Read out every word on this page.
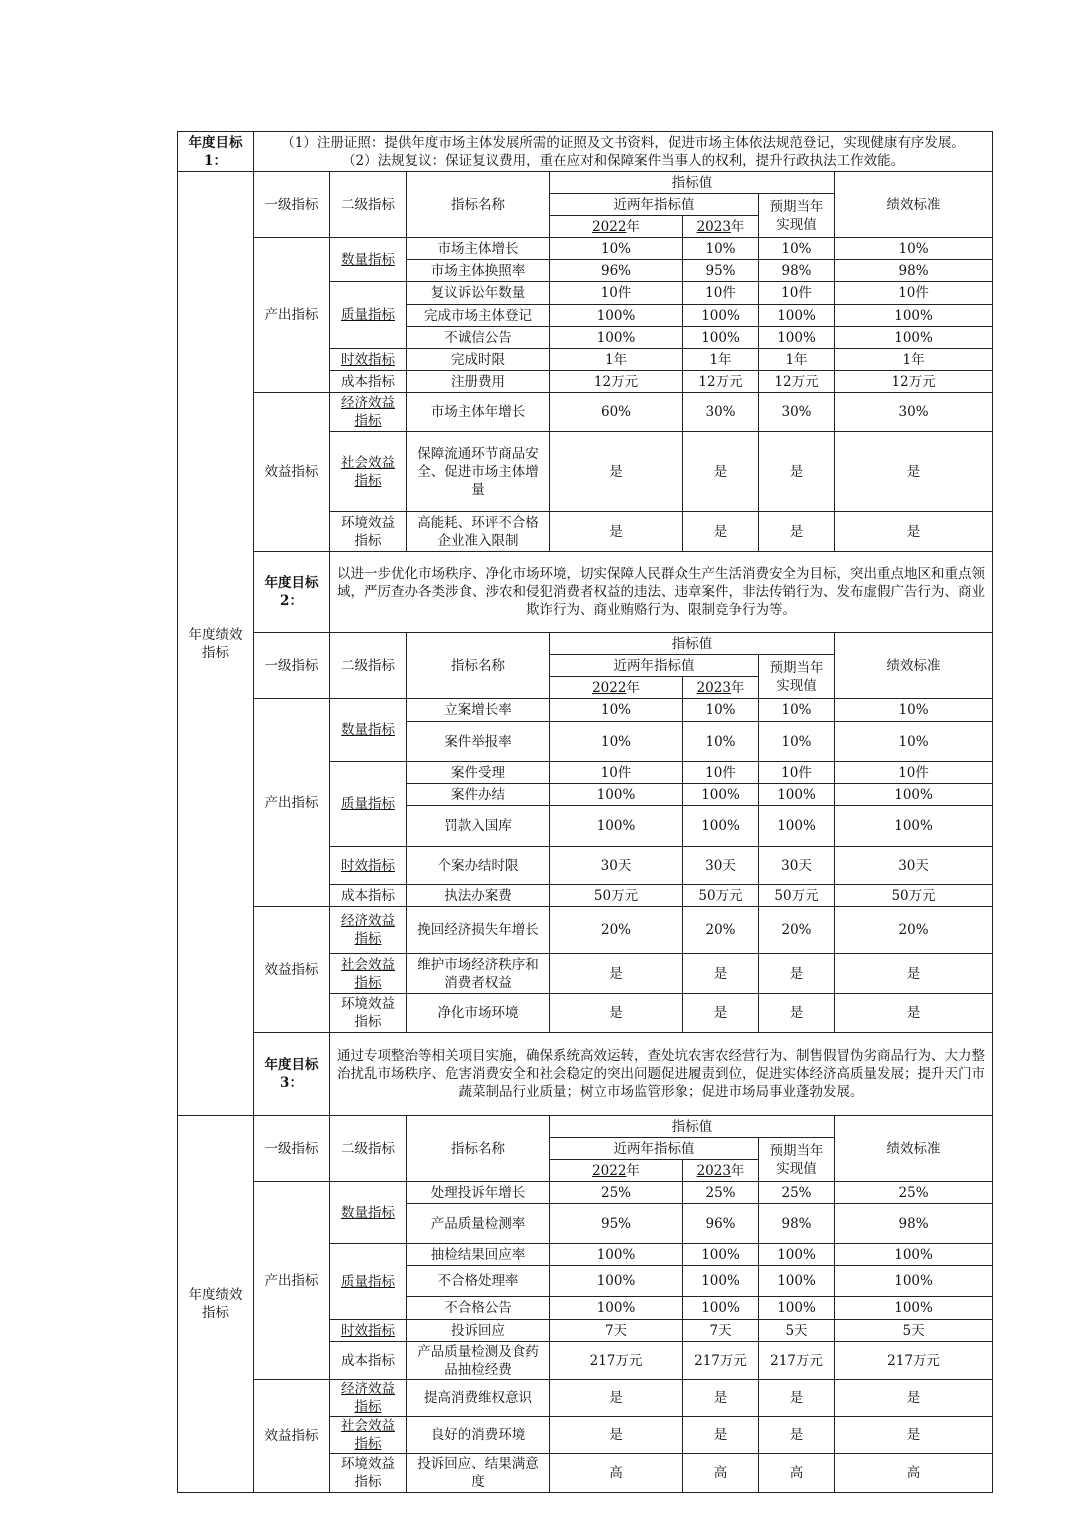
年度目标
1：	（1）注册证照：提供年度市场主体发展所需的证照及文书资料，促进市场主体依法规范登记，实现健康有序发展。
（2）法规复议：保证复议费用，重在应对和保障案件当事人的权利，提升行政执法工作效能。						

年度绩效
指标	一级指标	二级指标	指标名称	指标值			绩效标准
				近两年指标值		预期当年
实现值	

				2022年	2023年		
	产出指标	数量指标	市场主体增长	10%	10%	10%	10%
			市场主体换照率	96%	95%	98%	98%
		质量指标	复议诉讼年数量	10件	10件	10件	10件
			完成市场主体登记	100%	100%	100%	100%
			不诚信公告	100%	100%	100%	100%
		时效指标	完成时限	1年	1年	1年	1年
		成本指标	注册费用	12万元	12万元	12万元	12万元
	效益指标	经济效益
指标	市场主体年增长	60%	30%	30%	30%

		社会效益
指标	保障流通环节商品安
全、促进市场主体增
量	是	是	是	是

		环境效益
指标	高能耗、环评不合格
企业准入限制	是	是	是	是

	年度目标
2：	以进一步优化市场秩序、净化市场环境，切实保障人民群众生产生活消费安全为目标，突出重点地区和重点领域，严厉查办各类涉食、涉农和侵犯消费者权益的违法、违章案件，非法传销行为、发布虚假广告行为、商业欺诈行为、商业贿赂行为、限制竞争行为等。					
	一级指标	二级指标	指标名称	指标值			绩效标准
				近两年指标值		预期当年
实现值	

				2022年	2023年		
	产出指标	数量指标	立案增长率	10%	10%	10%	10%
			案件举报率	10%	10%	10%	10%
		质量指标	案件受理	10件	10件	10件	10件
			案件办结	100%	100%	100%	100%
			罚款入国库	100%	100%	100%	100%
		时效指标	个案办结时限	30天	30天	30天	30天
		成本指标	执法办案费	50万元	50万元	50万元	50万元
	效益指标	经济效益
指标	挽回经济损失年增长	20%	20%	20%	20%

		社会效益
指标	维护市场经济秩序和
消费者权益	是	是	是	是

		环境效益
指标	净化市场环境	是	是	是	是

	年度目标
3：	通过专项整治等相关项目实施，确保系统高效运转，查处坑农害农经营行为、制售假冒伪劣商品行为、大力整治扰乱市场秩序、危害消费安全和社会稳定的突出问题促进履责到位，促进实体经济高质量发展；提升天门市蔬菜制品行业质量；树立市场监管形象；促进市场局事业蓬勃发展。					

年度绩效
指标	一级指标	二级指标	指标名称	指标值			绩效标准
				近两年指标值		预期当年
实现值	

				2022年	2023年		
	产出指标	数量指标	处理投诉年增长	25%	25%	25%	25%
			产品质量检测率	95%	96%	98%	98%
		质量指标	抽检结果回应率	100%	100%	100%	100%
			不合格处理率	100%	100%	100%	100%
			不合格公告	100%	100%	100%	100%
		时效指标	投诉回应	7天	7天	5天	5天
		成本指标	产品质量检测及食药
品抽检经费	217万元	217万元	217万元	217万元
	效益指标	经济效益
指标	提高消费维权意识	是	是	是	是

		社会效益
指标	良好的消费环境	是	是	是	是

		环境效益
指标	投诉回应、结果满意
度	高	高	高	高
